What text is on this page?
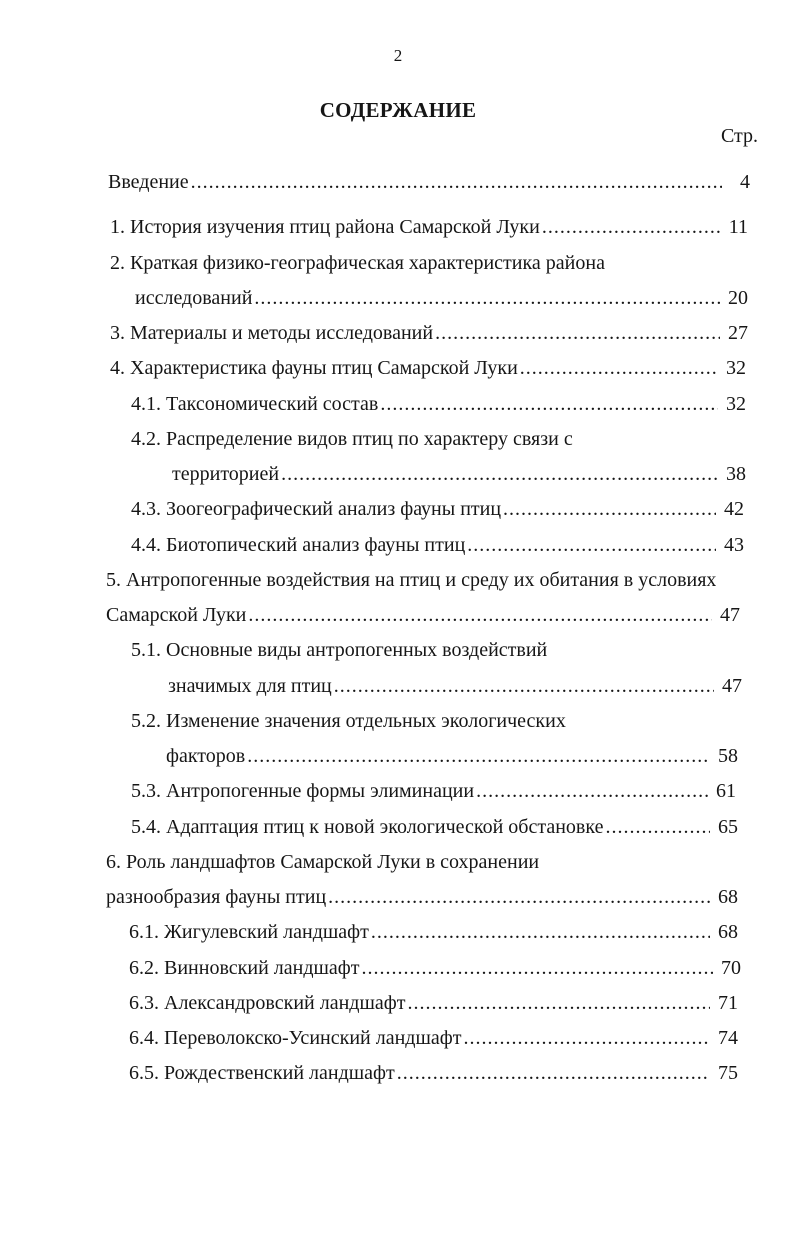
2
СОДЕРЖАНИЕ
Стр.
Введение . . .	4
1. История изучения птиц района Самарской Луки . . .	11
2. Краткая физико-географическая характеристика района
исследований . . .	20
3. Материалы и методы исследований . . .	27
4. Характеристика фауны птиц Самарской Луки . . .	32
4.1. Таксономический состав . . .	32
4.2. Распределение видов птиц по характеру связи с
территорией . . .	38
4.3. Зоогеографический анализ фауны птиц . . .	42
4.4. Биотопический анализ фауны птиц . . .	43
5. Антропогенные воздействия на птиц и среду их обитания в условиях
Самарской Луки . . .	47
5.1. Основные виды антропогенных воздействий
значимых для птиц . . .	47
5.2. Изменение значения отдельных экологических
факторов . . .	58
5.3. Антропогенные формы элиминации . . .	61
5.4. Адаптация птиц к новой экологической обстановке . . .	65
6. Роль ландшафтов Самарской Луки в сохранении
разнообразия фауны птиц . . .	68
6.1. Жигулевский ландшафт . . .	68
6.2. Винновский ландшафт . . .	70
6.3. Александровский ландшафт . . .	71
6.4. Переволокско-Усинский ландшафт . . .	74
6.5. Рождественский ландшафт . . .	75
